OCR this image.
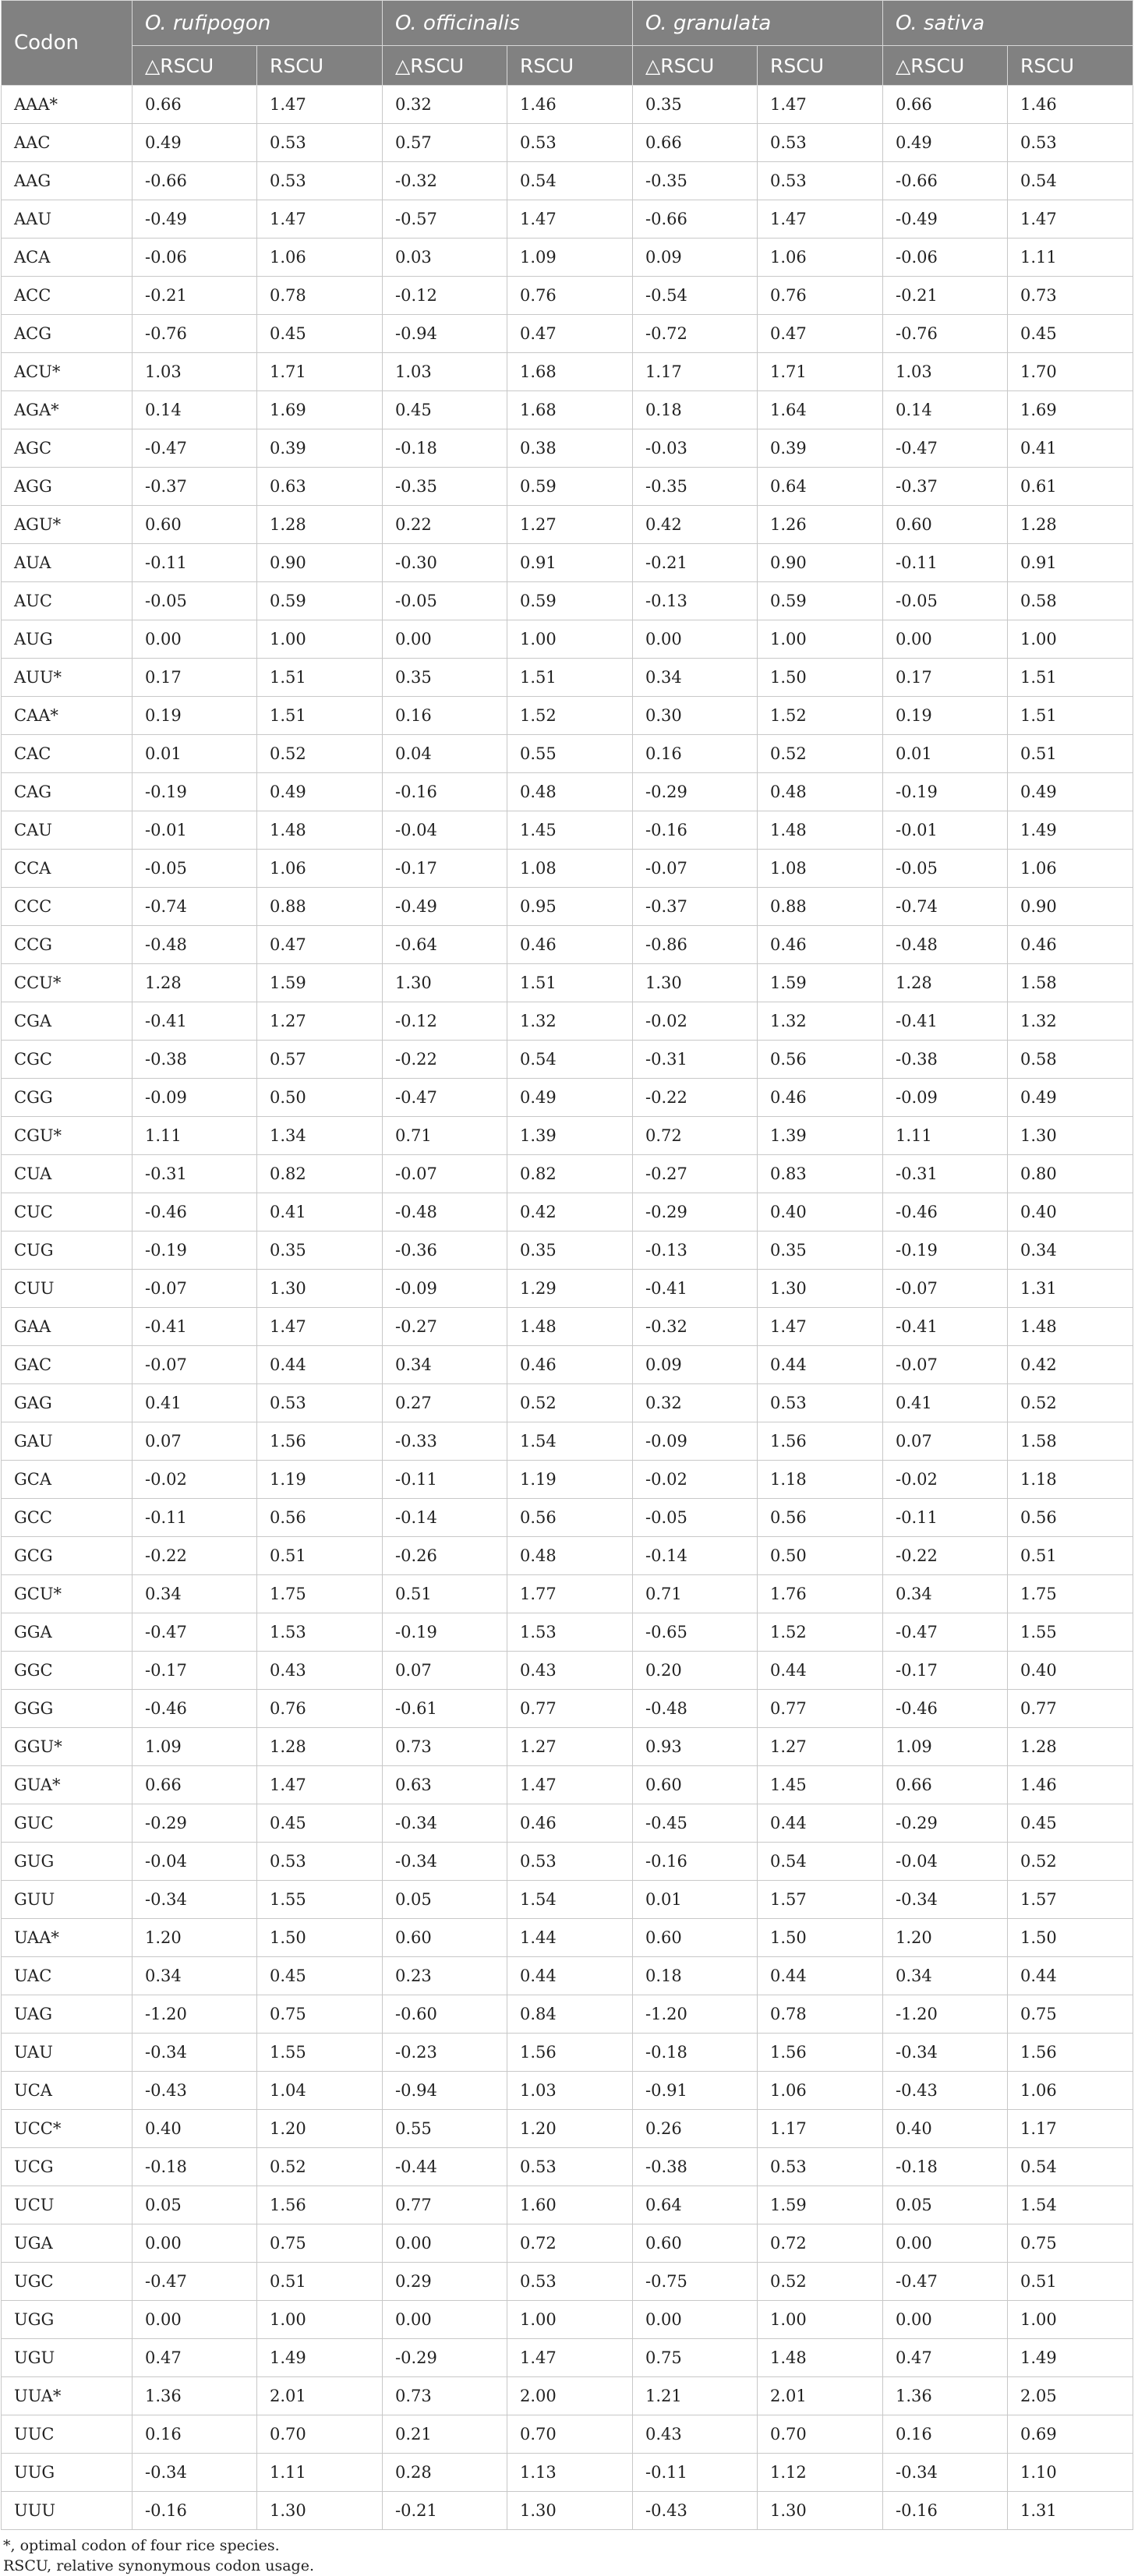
Codon	O. rufipogon		O. officinalis		O. granulata		O. sativa	
	△RSCU	RSCU	△RSCU	RSCU	△RSCU	RSCU	△RSCU	RSCU
AAA*	0.66	1.47	0.32	1.46	0.35	1.47	0.66	1.46
AAC	0.49	0.53	0.57	0.53	0.66	0.53	0.49	0.53
AAG	-0.66	0.53	-0.32	0.54	-0.35	0.53	-0.66	0.54
AAU	-0.49	1.47	-0.57	1.47	-0.66	1.47	-0.49	1.47
ACA	-0.06	1.06	0.03	1.09	0.09	1.06	-0.06	1.11
ACC	-0.21	0.78	-0.12	0.76	-0.54	0.76	-0.21	0.73
ACG	-0.76	0.45	-0.94	0.47	-0.72	0.47	-0.76	0.45
ACU*	1.03	1.71	1.03	1.68	1.17	1.71	1.03	1.70
AGA*	0.14	1.69	0.45	1.68	0.18	1.64	0.14	1.69
AGC	-0.47	0.39	-0.18	0.38	-0.03	0.39	-0.47	0.41
AGG	-0.37	0.63	-0.35	0.59	-0.35	0.64	-0.37	0.61
AGU*	0.60	1.28	0.22	1.27	0.42	1.26	0.60	1.28
AUA	-0.11	0.90	-0.30	0.91	-0.21	0.90	-0.11	0.91
AUC	-0.05	0.59	-0.05	0.59	-0.13	0.59	-0.05	0.58
AUG	0.00	1.00	0.00	1.00	0.00	1.00	0.00	1.00
AUU*	0.17	1.51	0.35	1.51	0.34	1.50	0.17	1.51
CAA*	0.19	1.51	0.16	1.52	0.30	1.52	0.19	1.51
CAC	0.01	0.52	0.04	0.55	0.16	0.52	0.01	0.51
CAG	-0.19	0.49	-0.16	0.48	-0.29	0.48	-0.19	0.49
CAU	-0.01	1.48	-0.04	1.45	-0.16	1.48	-0.01	1.49
CCA	-0.05	1.06	-0.17	1.08	-0.07	1.08	-0.05	1.06
CCC	-0.74	0.88	-0.49	0.95	-0.37	0.88	-0.74	0.90
CCG	-0.48	0.47	-0.64	0.46	-0.86	0.46	-0.48	0.46
CCU*	1.28	1.59	1.30	1.51	1.30	1.59	1.28	1.58
CGA	-0.41	1.27	-0.12	1.32	-0.02	1.32	-0.41	1.32
CGC	-0.38	0.57	-0.22	0.54	-0.31	0.56	-0.38	0.58
CGG	-0.09	0.50	-0.47	0.49	-0.22	0.46	-0.09	0.49
CGU*	1.11	1.34	0.71	1.39	0.72	1.39	1.11	1.30
CUA	-0.31	0.82	-0.07	0.82	-0.27	0.83	-0.31	0.80
CUC	-0.46	0.41	-0.48	0.42	-0.29	0.40	-0.46	0.40
CUG	-0.19	0.35	-0.36	0.35	-0.13	0.35	-0.19	0.34
CUU	-0.07	1.30	-0.09	1.29	-0.41	1.30	-0.07	1.31
GAA	-0.41	1.47	-0.27	1.48	-0.32	1.47	-0.41	1.48
GAC	-0.07	0.44	0.34	0.46	0.09	0.44	-0.07	0.42
GAG	0.41	0.53	0.27	0.52	0.32	0.53	0.41	0.52
GAU	0.07	1.56	-0.33	1.54	-0.09	1.56	0.07	1.58
GCA	-0.02	1.19	-0.11	1.19	-0.02	1.18	-0.02	1.18
GCC	-0.11	0.56	-0.14	0.56	-0.05	0.56	-0.11	0.56
GCG	-0.22	0.51	-0.26	0.48	-0.14	0.50	-0.22	0.51
GCU*	0.34	1.75	0.51	1.77	0.71	1.76	0.34	1.75
GGA	-0.47	1.53	-0.19	1.53	-0.65	1.52	-0.47	1.55
GGC	-0.17	0.43	0.07	0.43	0.20	0.44	-0.17	0.40
GGG	-0.46	0.76	-0.61	0.77	-0.48	0.77	-0.46	0.77
GGU*	1.09	1.28	0.73	1.27	0.93	1.27	1.09	1.28
GUA*	0.66	1.47	0.63	1.47	0.60	1.45	0.66	1.46
GUC	-0.29	0.45	-0.34	0.46	-0.45	0.44	-0.29	0.45
GUG	-0.04	0.53	-0.34	0.53	-0.16	0.54	-0.04	0.52
GUU	-0.34	1.55	0.05	1.54	0.01	1.57	-0.34	1.57
UAA*	1.20	1.50	0.60	1.44	0.60	1.50	1.20	1.50
UAC	0.34	0.45	0.23	0.44	0.18	0.44	0.34	0.44
UAG	-1.20	0.75	-0.60	0.84	-1.20	0.78	-1.20	0.75
UAU	-0.34	1.55	-0.23	1.56	-0.18	1.56	-0.34	1.56
UCA	-0.43	1.04	-0.94	1.03	-0.91	1.06	-0.43	1.06
UCC*	0.40	1.20	0.55	1.20	0.26	1.17	0.40	1.17
UCG	-0.18	0.52	-0.44	0.53	-0.38	0.53	-0.18	0.54
UCU	0.05	1.56	0.77	1.60	0.64	1.59	0.05	1.54
UGA	0.00	0.75	0.00	0.72	0.60	0.72	0.00	0.75
UGC	-0.47	0.51	0.29	0.53	-0.75	0.52	-0.47	0.51
UGG	0.00	1.00	0.00	1.00	0.00	1.00	0.00	1.00
UGU	0.47	1.49	-0.29	1.47	0.75	1.48	0.47	1.49
UUA*	1.36	2.01	0.73	2.00	1.21	2.01	1.36	2.05
UUC	0.16	0.70	0.21	0.70	0.43	0.70	0.16	0.69
UUG	-0.34	1.11	0.28	1.13	-0.11	1.12	-0.34	1.10
UUU	-0.16	1.30	-0.21	1.30	-0.43	1.30	-0.16	1.31
*, optimal codon of four rice species.
RSCU, relative synonymous codon usage.
